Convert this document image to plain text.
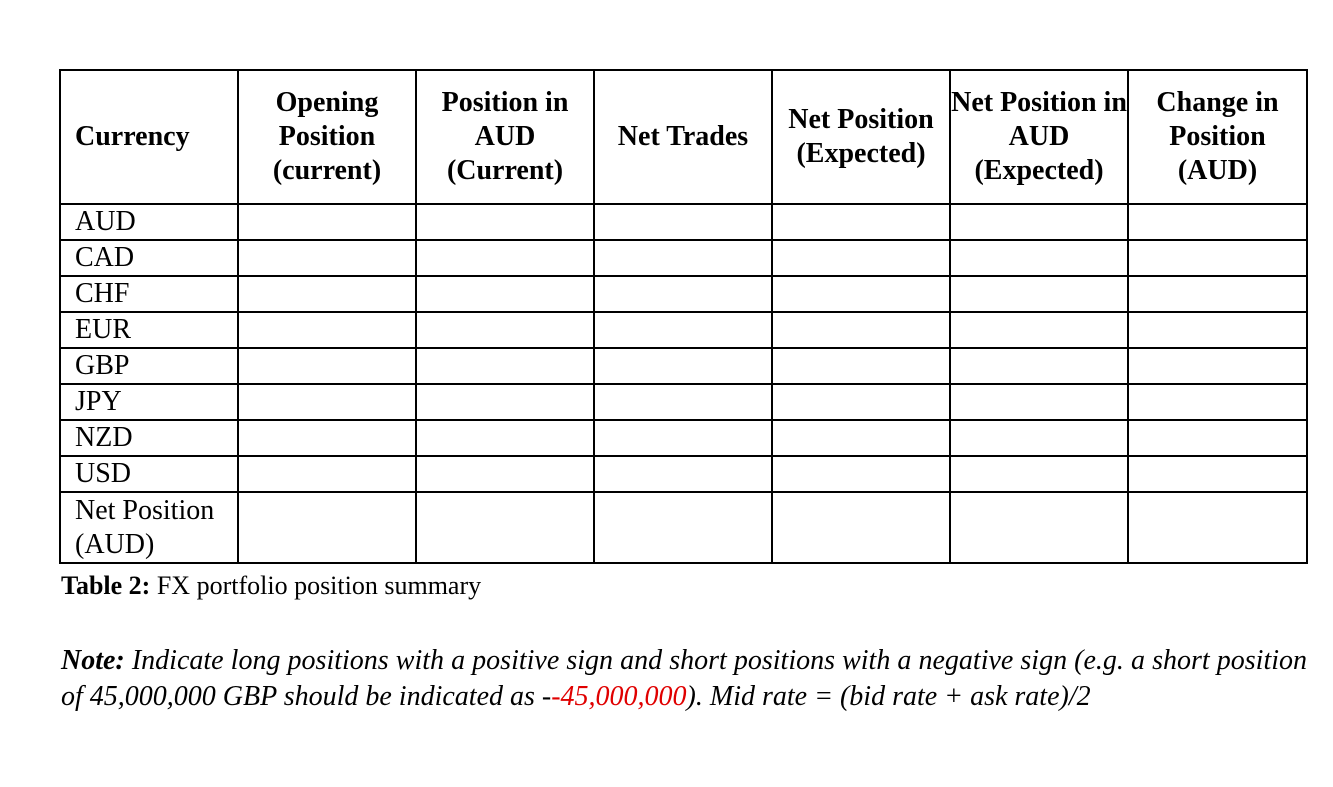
Currency	Opening Position (current)	Position in AUD (Current)	Net Trades	Net Position (Expected)	Net Position in AUD (Expected)	Change in Position (AUD)
AUD						
CAD						
CHF						
EUR						
GBP						
JPY						
NZD						
USD						
Net Position (AUD)						
Table 2: FX portfolio position summary
Note: Indicate long positions with a positive sign and short positions with a negative sign (e.g. a short position of 45,000,000 GBP should be indicated as --45,000,000). Mid rate = (bid rate + ask rate)/2
